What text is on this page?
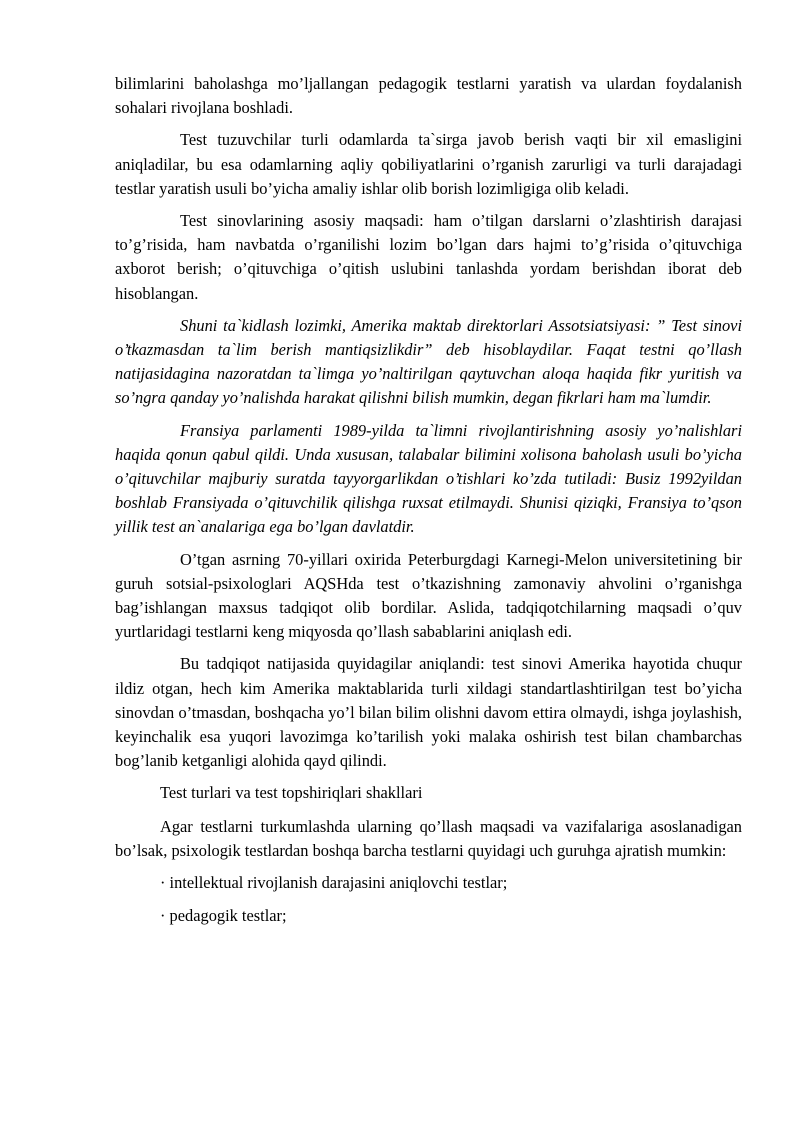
bilimlarini baholashga mo’ljallangan pedagogik testlarni yaratish va ulardan foydalanish sohalari rivojlana boshladi.

Test tuzuvchilar turli odamlarda ta`sirga javob berish vaqti bir xil emasligini aniqladilar, bu esa odamlarning aqliy qobiliyatlarini o’rganish zarurligi va turli darajadagi testlar yaratish usuli bo’yicha amaliy ishlar olib borish lozimligiga olib keladi.

Test sinovlarining asosiy maqsadi: ham o’tilgan darslarni o’zlashtirish darajasi to’g’risida, ham navbatda o’rganilishi lozim bo’lgan dars hajmi to’g’risida o’qituvchiga axborot berish; o’qituvchiga o’qitish uslubini tanlashda yordam berishdan iborat deb hisoblangan.

Shuni ta`kidlash lozimki, Amerika maktab direktorlari Assotsiatsiyasi: ” Test sinovi o’tkazmasdan ta`lim berish mantiqsizlikdir” deb hisoblaydilar. Faqat testni qo’llash natijasidagina nazoratdan ta`limga yo’naltirilgan qaytuvchan aloqa haqida fikr yuritish va so’ngra qanday yo’nalishda harakat qilishni bilish mumkin, degan fikrlari ham ma`lumdir.

Fransiya parlamenti 1989-yilda ta`limni rivojlantirishning asosiy yo’nalishlari haqida qonun qabul qildi. Unda xususan, talabalar bilimini xolisona baholash usuli bo’yicha o’qituvchilar majburiy suratda tayyorgarlikdan o’tishlari ko’zda tutiladi: Busiz 1992yildan boshlab Fransiyada o’qituvchilik qilishga ruxsat etilmaydi. Shunisi qiziqki, Fransiya to’qson yillik test an`analariga ega bo’lgan davlatdir.

O’tgan asrning 70-yillari oxirida Peterburgdagi Karnegi-Melon universitetining bir guruh sotsial-psixologlari AQSHda test o’tkazishning zamonaviy ahvolini o’rganishga bag’ishlangan maxsus tadqiqot olib bordilar. Aslida, tadqiqotchilarning maqsadi o’quv yurtlaridagi testlarni keng miqyosda qo’llash sabablarini aniqlash edi.

Bu tadqiqot natijasida quyidagilar aniqlandi: test sinovi Amerika hayotida chuqur ildiz otgan, hech kim Amerika maktablarida turli xildagi standartlashtirilgan test bo’yicha sinovdan o’tmasdan, boshqacha yo’l bilan bilim olishni davom ettira olmaydi, ishga joylashish, keyinchalik esa yuqori lavozimga ko’tarilish yoki malaka oshirish test bilan chambarchas bog’lanib ketganligi alohida qayd qilindi.

Test turlari va test topshiriqlari shakllari

Agar testlarni turkumlashda ularning qo’llash maqsadi va vazifalariga asoslanadigan bo’lsak, psixologik testlardan boshqa barcha testlarni quyidagi uch guruhga ajratish mumkin:

· intellektual rivojlanish darajasini aniqlovchi testlar;

· pedagogik testlar;
